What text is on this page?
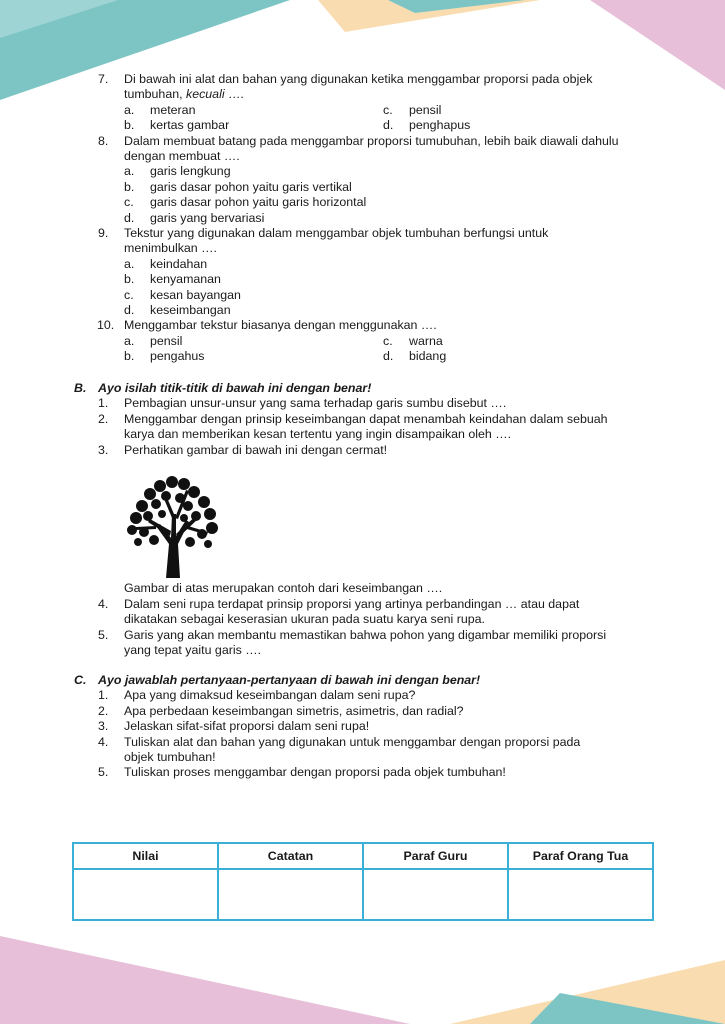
7. Di bawah ini alat dan bahan yang digunakan ketika menggambar proporsi pada objek
tumbuhan, kecuali ….
a. meteran	c. pensil
b. kertas gambar	d. penghapus
8. Dalam membuat batang pada menggambar proporsi tumubuhan, lebih baik diawali dahulu
dengan membuat ….
a. garis lengkung
b. garis dasar pohon yaitu garis vertikal
c. garis dasar pohon yaitu garis horizontal
d. garis yang bervariasi
9. Tekstur yang digunakan dalam menggambar objek tumbuhan berfungsi untuk
menimbulkan ….
a. keindahan
b. kenyamanan
c. kesan bayangan
d. keseimbangan
10. Menggambar tekstur biasanya dengan menggunakan ….
a. pensil	c. warna
b. pengahus	d. bidang
B. Ayo isilah titik-titik di bawah ini dengan benar!
1. Pembagian unsur-unsur yang sama terhadap garis sumbu disebut ….
2. Menggambar dengan prinsip keseimbangan dapat menambah keindahan dalam sebuah
karya dan memberikan kesan tertentu yang ingin disampaikan oleh ….
3. Perhatikan gambar di bawah ini dengan cermat!
Gambar di atas merupakan contoh dari keseimbangan ….
4. Dalam seni rupa terdapat prinsip proporsi yang artinya perbandingan … atau dapat
dikatakan sebagai keserasian ukuran pada suatu karya seni rupa.
5. Garis yang akan membantu memastikan bahwa pohon yang digambar memiliki proporsi
yang tepat yaitu garis ….
C. Ayo jawablah pertanyaan-pertanyaan di bawah ini dengan benar!
1. Apa yang dimaksud keseimbangan dalam seni rupa?
2. Apa perbedaan keseimbangan simetris, asimetris, dan radial?
3. Jelaskan sifat-sifat proporsi dalam seni rupa!
4. Tuliskan alat dan bahan yang digunakan untuk menggambar dengan proporsi pada
objek tumbuhan!
5. Tuliskan proses menggambar dengan proporsi pada objek tumbuhan!
Nilai	Catatan	Paraf Guru	Paraf Orang Tua
